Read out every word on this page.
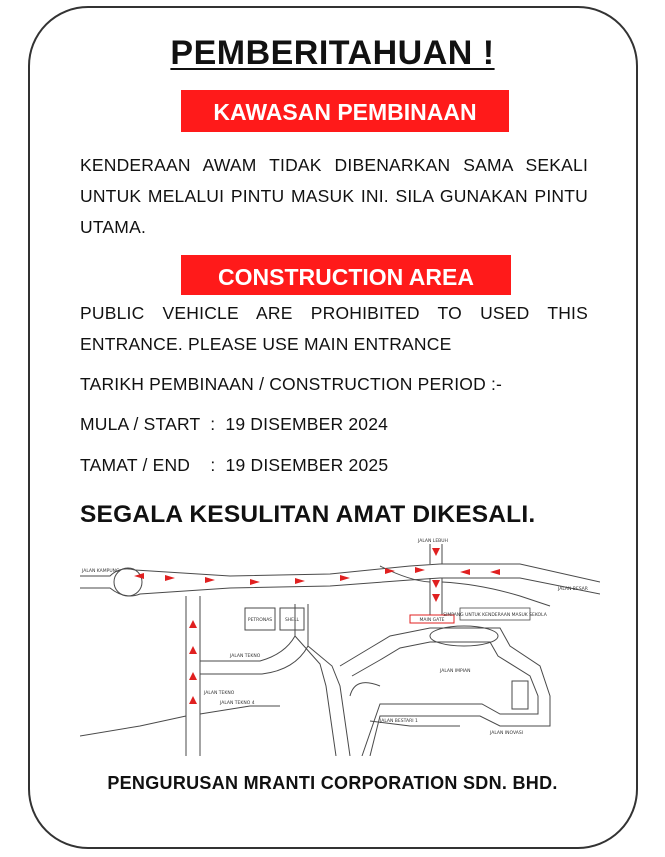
PEMBERITAHUAN !
KAWASAN PEMBINAAN
KENDERAAN AWAM TIDAK DIBENARKAN SAMA SEKALI UNTUK MELALUI PINTU MASUK INI. SILA GUNAKAN PINTU UTAMA.
CONSTRUCTION AREA
PUBLIC VEHICLE ARE PROHIBITED TO USED THIS ENTRANCE. PLEASE USE MAIN ENTRANCE
TARIKH PEMBINAAN / CONSTRUCTION PERIOD :-
MULA / START  :  19 DISEMBER 2024
TAMAT / END    :  19 DISEMBER 2025
SEGALA KESULITAN AMAT DIKESALI.
MAIN GATE
SIMPANG UNTUK KENDERAAN MASUK SEKOLA
PETRONAS	SHELL
JALAN KAMPUNG
JALAN LEBUH
JALAN BESAR
JALAN TEKNO
JALAN TEKNO 4
JALAN IMPIAN
JALAN BESTARI 1
JALAN INOVASI
JALAN TEKNO
PENGURUSAN MRANTI CORPORATION SDN. BHD.
